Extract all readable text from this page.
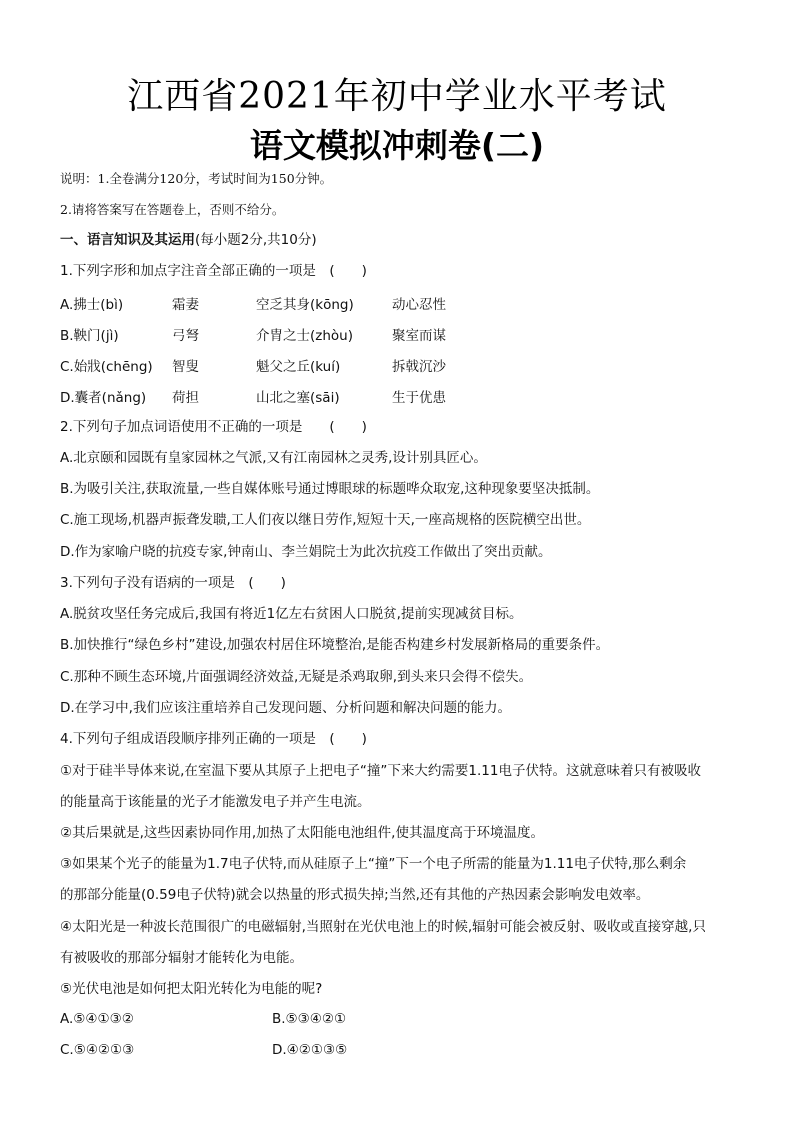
江西省2021年初中学业水平考试
语文模拟冲刺卷(二)
说明：1.全卷满分120分，考试时间为150分钟。
2.请将答案写在答题卷上，否则不给分。
一、语言知识及其运用(每小题2分,共10分)
1.下列字形和加点字注音全部正确的一项是　(　　)
A.拂士(bì)	霜妻	空乏其身(kōng)	动心忍性
B.鞅门(jì)	弓弩	介胄之士(zhòu)	聚室而谋
C.始戕(chēng) 智叟	魁父之丘(kuí)	拆戟沉沙
D.囊者(nǎng) 荷担	山北之塞(sāi)	生于优患
2.下列句子加点词语使用不正确的一项是　　(　　)
A.北京颐和园既有皇家园林之气派,又有江南园林之灵秀,设计别具匠心。
B.为吸引关注,获取流量,一些自媒体账号通过博眼球的标题哗众取宠,这种现象要坚决抵制。
C.施工现场,机器声振聋发聩,工人们夜以继日劳作,短短十天,一座高规格的医院横空出世。
D.作为家喻户晓的抗疫专家,钟南山、李兰娟院士为此次抗疫工作做出了突出贡献。
3.下列句子没有语病的一项是　(　　)
A.脱贫攻坚任务完成后,我国有将近1亿左右贫困人口脱贫,提前实现减贫目标。
B.加快推行“绿色乡村”建设,加强农村居住环境整治,是能否构建乡村发展新格局的重要条件。
C.那种不顾生态环境,片面强调经济效益,无疑是杀鸡取卵,到头来只会得不偿失。
D.在学习中,我们应该注重培养自己发现问题、分析问题和解决问题的能力。
4.下列句子组成语段顺序排列正确的一项是　(　　)
①对于硅半导体来说,在室温下要从其原子上把电子“撞”下来大约需要1.11电子伏特。这就意味着只有被吸收
的能量高于该能量的光子才能激发电子并产生电流。
②其后果就是,这些因素协同作用,加热了太阳能电池组件,使其温度高于环境温度。
③如果某个光子的能量为1.7电子伏特,而从硅原子上“撞”下一个电子所需的能量为1.11电子伏特,那么剩余
的那部分能量(0.59电子伏特)就会以热量的形式损失掉;当然,还有其他的产热因素会影响发电效率。
④太阳光是一种波长范围很广的电磁辐射,当照射在光伏电池上的时候,辐射可能会被反射、吸收或直接穿越,只
有被吸收的那部分辐射才能转化为电能。
⑤光伏电池是如何把太阳光转化为电能的呢?
A.⑤④①③②	B.⑤③④②①
C.⑤④②①③	D.④②①③⑤
